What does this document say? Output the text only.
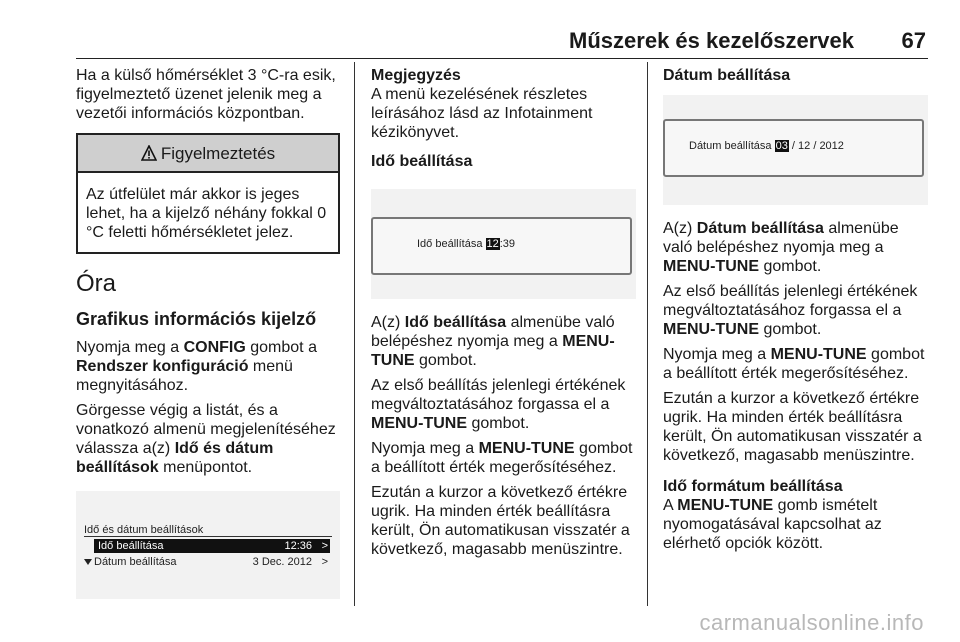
Műszerek és kezelőszervek 67

Ha a külső hőmérséklet 3 °C-ra esik, figyelmeztető üzenet jelenik meg a vezetői információs központban.

Figyelmeztetés
Az útfelület már akkor is jeges lehet, ha a kijelző néhány fokkal 0 °C feletti hőmérsékletet jelez.
Óra
Grafikus információs kijelző

Nyomja meg a CONFIG gombot a Rendszer konfiguráció menü megnyitásához.

Görgesse végig a listát, és a vonatkozó almenü megjelenítéséhez válassza a(z) Idő és dátum beállítások menüpontot.

Idő és dátum beállítások
Idő beállítása	12:36 >
Dátum beállítása	3 Dec. 2012 >
Megjegyzés

A menü kezelésének részletes leírásához lásd az Infotainment kézikönyvet.

Idő beállítása
Idő beállítása 12:39

A(z) Idő beállítása almenübe való belépéshez nyomja meg a MENU-TUNE gombot.

Az első beállítás jelenlegi értékének megváltoztatásához forgassa el a MENU-TUNE gombot.

Nyomja meg a MENU-TUNE gombot a beállított érték megerősítéséhez.

Ezután a kurzor a következő értékre ugrik. Ha minden érték beállításra került, Ön automatikusan visszatér a következő, magasabb menüszintre.

Dátum beállítása
Dátum beállítása 03 / 12 / 2012

A(z) Dátum beállítása almenübe való belépéshez nyomja meg a MENU-TUNE gombot.

Az első beállítás jelenlegi értékének megváltoztatásához forgassa el a MENU-TUNE gombot.

Nyomja meg a MENU-TUNE gombot a beállított érték megerősítéséhez.

Ezután a kurzor a következő értékre ugrik. Ha minden érték beállításra került, Ön automatikusan visszatér a következő, magasabb menüszintre.

Idő formátum beállítása

A MENU-TUNE gomb ismételt nyomogatásával kapcsolhat az elérhető opciók között.

carmanualsonline.info
